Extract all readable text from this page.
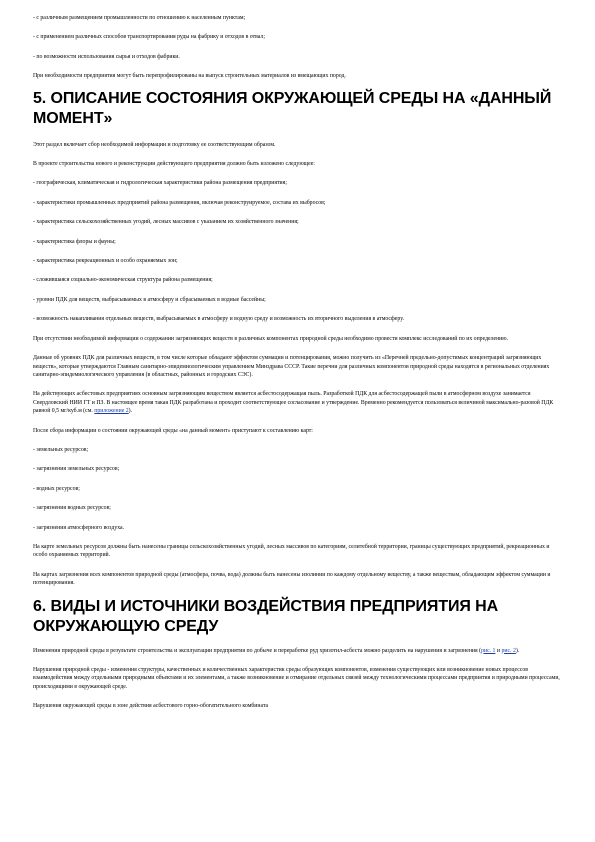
- с различным размещением промышленности по отношению к населенным пунктам;

- с применением различных способов транспортирования руды на фабрику и отходов в отвал;

- по возможности использования сырья и отходов фабрики.

При необходимости предприятия могут быть перепрофилированы на выпуск строительных материалов из вмещающих пород.

5. ОПИСАНИЕ СОСТОЯНИЯ ОКРУЖАЮЩЕЙ СРЕДЫ НА «ДАННЫЙ МОМЕНТ»

Этот раздел включает сбор необходимой информации и подготовку ее соответствующим образом.

В проекте строительства нового и реконструкции действующего предприятия должно быть изложено следующее:

- географическая, климатическая и гидрологическая характеристики района размещения предприятия;

- характеристики промышленных предприятий района размещения, включая реконструируемое, состава их выбросов;

- характеристика сельскохозяйственных угодий, лесных массивов с указанием их хозяйственного значения;

- характеристика флоры и фауны;

- характеристика рекреационных и особо охраняемых зон;

- сложившаяся социально-экономическая структура района размещения;

- уровни ПДК для веществ, выбрасываемых в атмосферу и сбрасываемых в водные бассейны;

- возможность накапливания отдельных веществ, выбрасываемых в атмосферу и водную среду и возможность их вторичного выделения в атмосферу.

При отсутствии необходимой информации о содержании загрязняющих веществ в различных компонентах природной среды необходимо провести комплекс исследований по их определению.

Данные об уровнях ПДК для различных веществ, в том числе которые обладают эффектом суммации и потенцирования, можно получить из «Перечней предельно-допустимых концентраций загрязняющих веществ», которые утверждаются Главным санитарно-эпидемиологическим управлением Минздрава СССР. Такие перечни для различных компонентов природной среды находятся в региональных отделениях санитарно-эпидемиологического управления (в областных, районных и городских СЭС).

На действующих асбестовых предприятиях основным загрязняющим веществом является асбестосодержащая пыль. Разработкой ПДК для асбестосодержащей пыли в атмосферном воздухе занимается Свердловский НИИ ГТ и ПЗ. В настоящее время такая ПДК разработана и проходит соответствующее согласование и утверждение. Временно рекомендуется пользоваться величиной максимально-разовой ПДК равной 0,5 мг/куб.м (см. приложение 2).

После сбора информации о состоянии окружающей среды «на данный момент» приступают к составлению карт:

- земельных ресурсов;

- загрязнения земельных ресурсов;

- водных ресурсов;

- загрязнения водных ресурсов;

- загрязнения атмосферного воздуха.

На карте земельных ресурсов должны быть нанесены границы сельскохозяйственных угодий, лесных массивов по категориям, селитебной территории, границы существующих предприятий, рекреационных и особо охраняемых территорий.

На картах загрязнения всех компонентов природной среды (атмосфера, почва, вода) должны быть нанесены изолинии по каждому отдельному веществу, а также веществам, обладающим эффектом суммации и потенцирования.

6. ВИДЫ И ИСТОЧНИКИ ВОЗДЕЙСТВИЯ ПРЕДПРИЯТИЯ НА ОКРУЖАЮЩУЮ СРЕДУ

Изменения природной среды в результате строительства и эксплуатации предприятия по добыче и переработке руд хризотил-асбеста можно разделить на нарушения и загрязнения (рис. 1 и рис. 2).

Нарушения природной среды - изменения структуры, качественных и количественных характеристик среды образующих компонентов, изменения существующих или возникновение новых процессов взаимодействия между отдельными природными объектами и их элементами, а также возникновение и отмирание отдельных связей между технологическими процессами предприятия и природными процессами, происходящими в окружающей среде.

Нарушения окружающей среды в зоне действия асбестового горно-обогатительного комбината
